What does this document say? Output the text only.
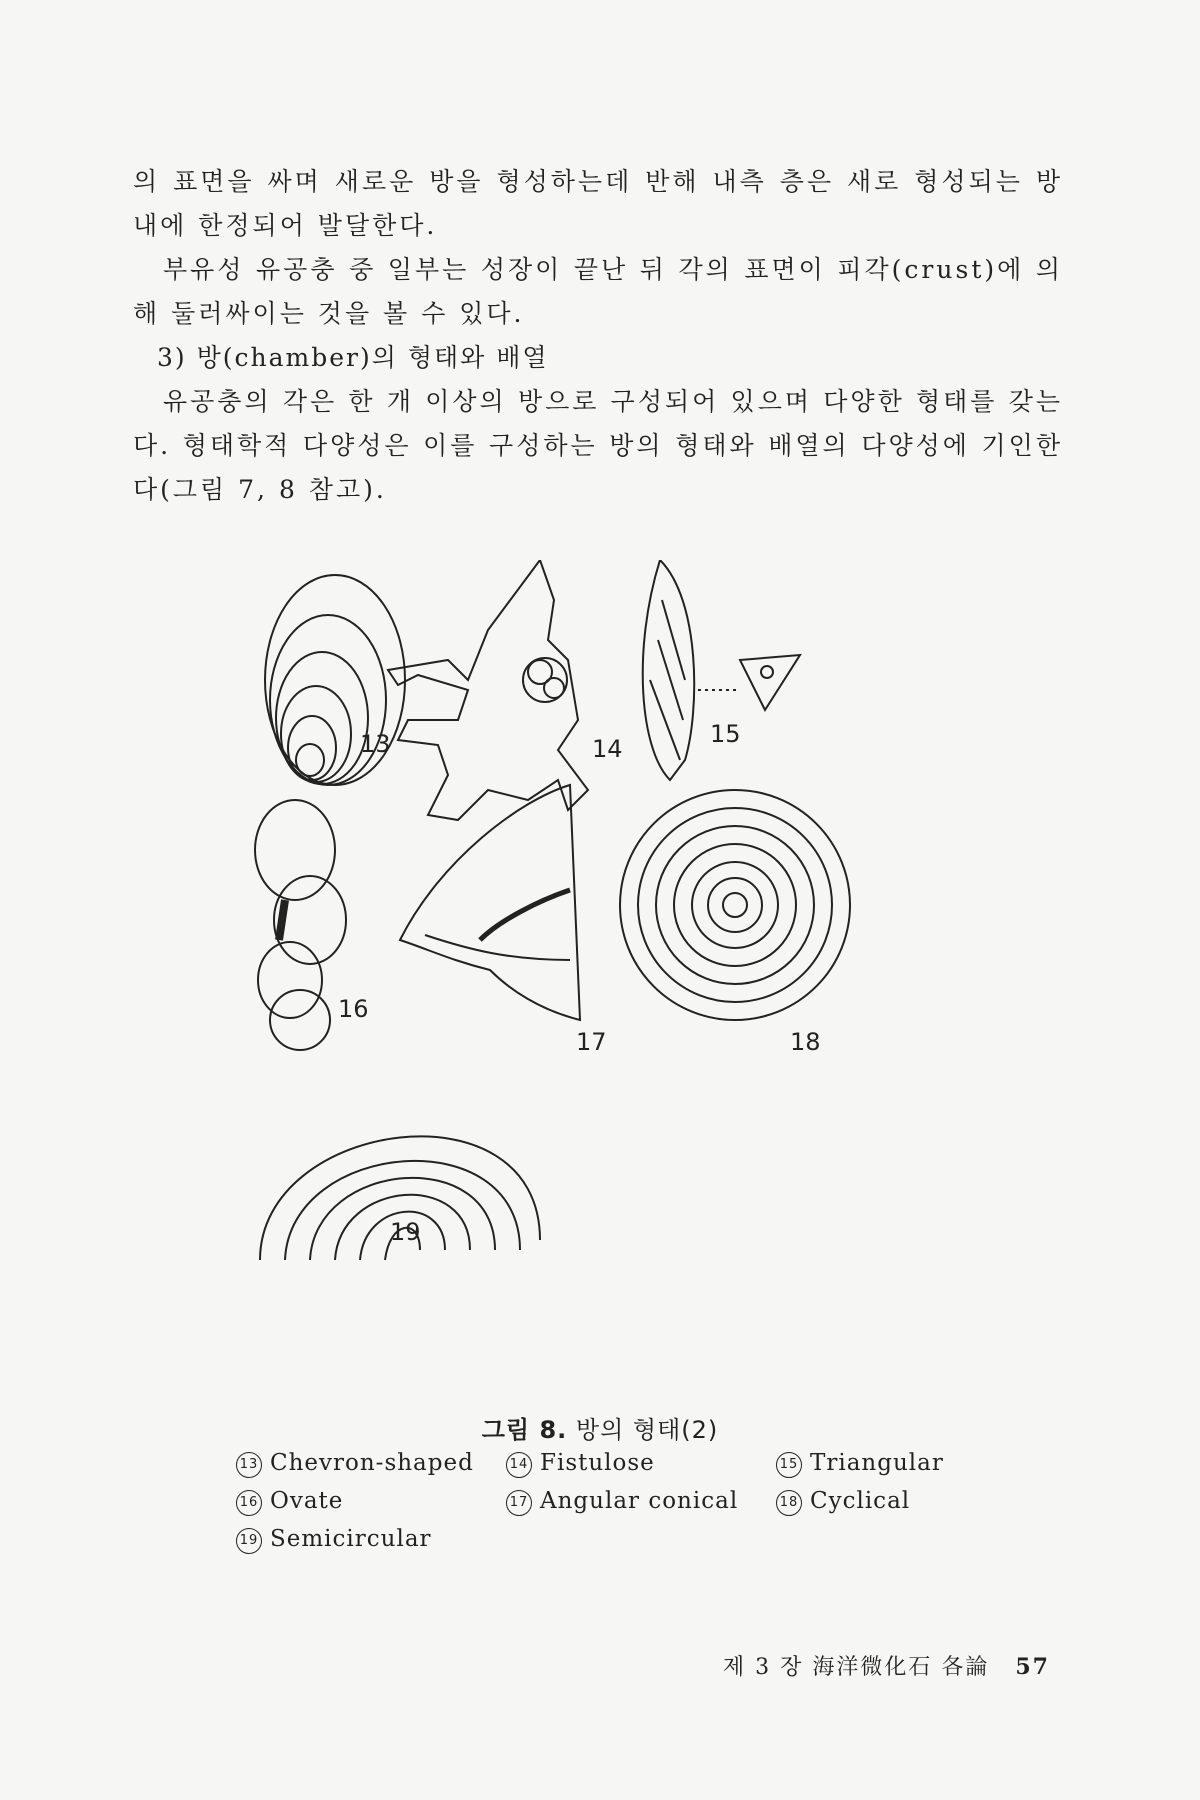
의 표면을 싸며 새로운 방을 형성하는데 반해 내측 층은 새로 형성되는 방 내에 한정되어 발달한다.

부유성 유공충 중 일부는 성장이 끝난 뒤 각의 표면이 피각(crust)에 의해 둘러싸이는 것을 볼 수 있다.

3) 방(chamber)의 형태와 배열

유공충의 각은 한 개 이상의 방으로 구성되어 있으며 다양한 형태를 갖는다. 형태학적 다양성은 이를 구성하는 방의 형태와 배열의 다양성에 기인한다(그림 7, 8 참고).

13	14
15
16
17	18
19
그림 8. 방의 형태(2)
13 Chevron-shaped	14 Fistulose	15 Triangular
16 Ovate	17 Angular conical	18 Cyclical
19 Semicircular
제 3 장 海洋微化石 各論 57
